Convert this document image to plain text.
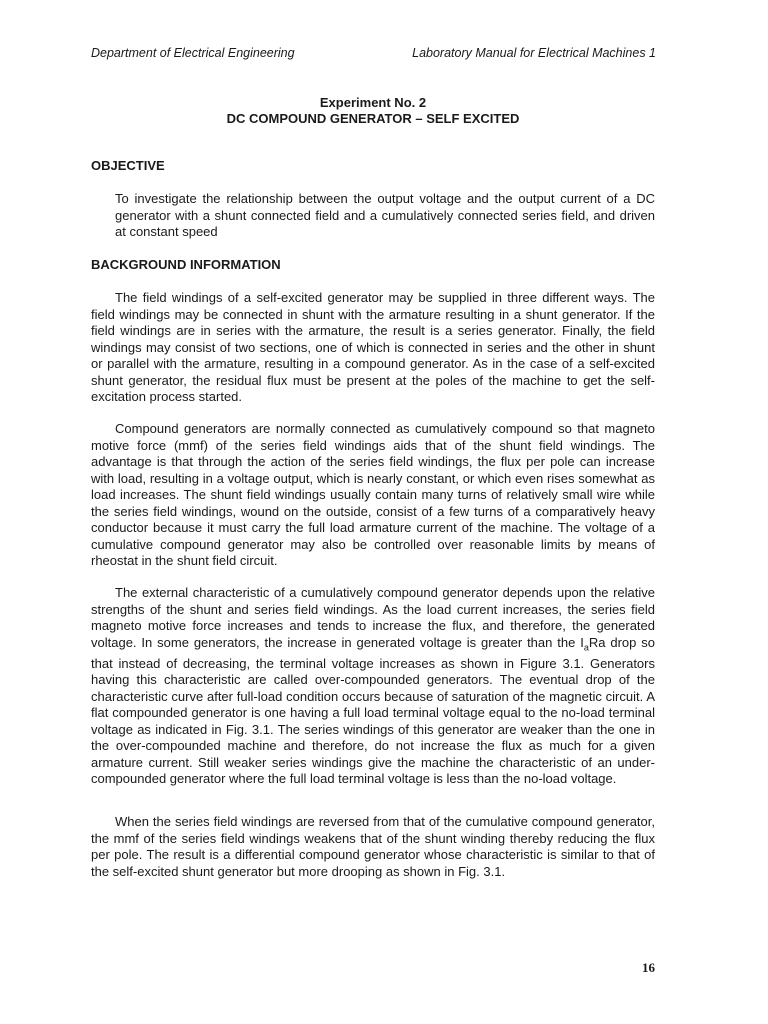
Department of Electrical Engineering	Laboratory Manual for Electrical Machines 1
Experiment No. 2
DC COMPOUND GENERATOR – SELF EXCITED
OBJECTIVE
To investigate the relationship between the output voltage and the output current of a DC generator with a shunt connected field and a cumulatively connected series field, and driven at constant speed
BACKGROUND INFORMATION

The field windings of a self-excited generator may be supplied in three different ways. The field windings may be connected in shunt with the armature resulting in a shunt generator. If the field windings are in series with the armature, the result is a series generator. Finally, the field windings may consist of two sections, one of which is connected in series and the other in shunt or parallel with the armature, resulting in a compound generator. As in the case of a self-excited shunt generator, the residual flux must be present at the poles of the machine to get the self-excitation process started.

Compound generators are normally connected as cumulatively compound so that magneto motive force (mmf) of the series field windings aids that of the shunt field windings. The advantage is that through the action of the series field windings, the flux per pole can increase with load, resulting in a voltage output, which is nearly constant, or which even rises somewhat as load increases. The shunt field windings usually contain many turns of relatively small wire while the series field windings, wound on the outside, consist of a few turns of a comparatively heavy conductor because it must carry the full load armature current of the machine. The voltage of a cumulative compound generator may also be controlled over reasonable limits by means of rheostat in the shunt field circuit.

The external characteristic of a cumulatively compound generator depends upon the relative strengths of the shunt and series field windings. As the load current increases, the series field magneto motive force increases and tends to increase the flux, and therefore, the generated voltage. In some generators, the increase in generated voltage is greater than the $I_aRa$ drop so that instead of decreasing, the terminal voltage increases as shown in Figure 3.1. Generators having this characteristic are called over-compounded generators. The eventual drop of the characteristic curve after full-load condition occurs because of saturation of the magnetic circuit. A flat compounded generator is one having a full load terminal voltage equal to the no-load terminal voltage as indicated in Fig. 3.1. The series windings of this generator are weaker than the one in the over-compounded machine and therefore, do not increase the flux as much for a given armature current. Still weaker series windings give the machine the characteristic of an under-compounded generator where the full load terminal voltage is less than the no-load voltage.

When the series field windings are reversed from that of the cumulative compound generator, the mmf of the series field windings weakens that of the shunt winding thereby reducing the flux per pole. The result is a differential compound generator whose characteristic is similar to that of the self-excited shunt generator but more drooping as shown in Fig. 3.1.

16
